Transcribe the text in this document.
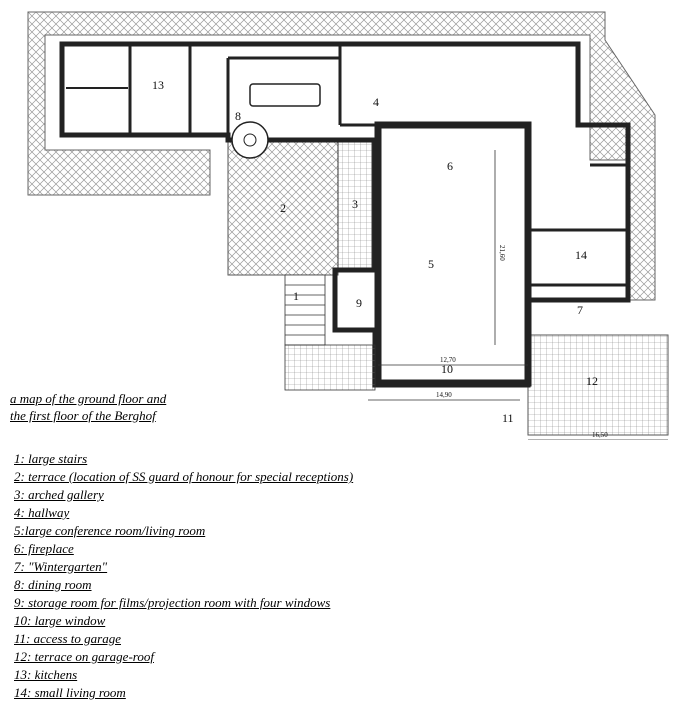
1
2	3
4
5
6
7
8
9
10
11
12
13
14
12,70
14,90
16,50
21,60
a map of the ground floor and
the first floor of the Berghof
1: large stairs
2: terrace (location of SS guard of honour for special receptions)
3: arched gallery
4: hallway
5:large conference room/living room
6: fireplace
7: "Wintergarten"
8: dining room
9: storage room for films/projection room with four windows
10: large window
11: access to garage
12: terrace on garage-roof
13: kitchens
14: small living room
